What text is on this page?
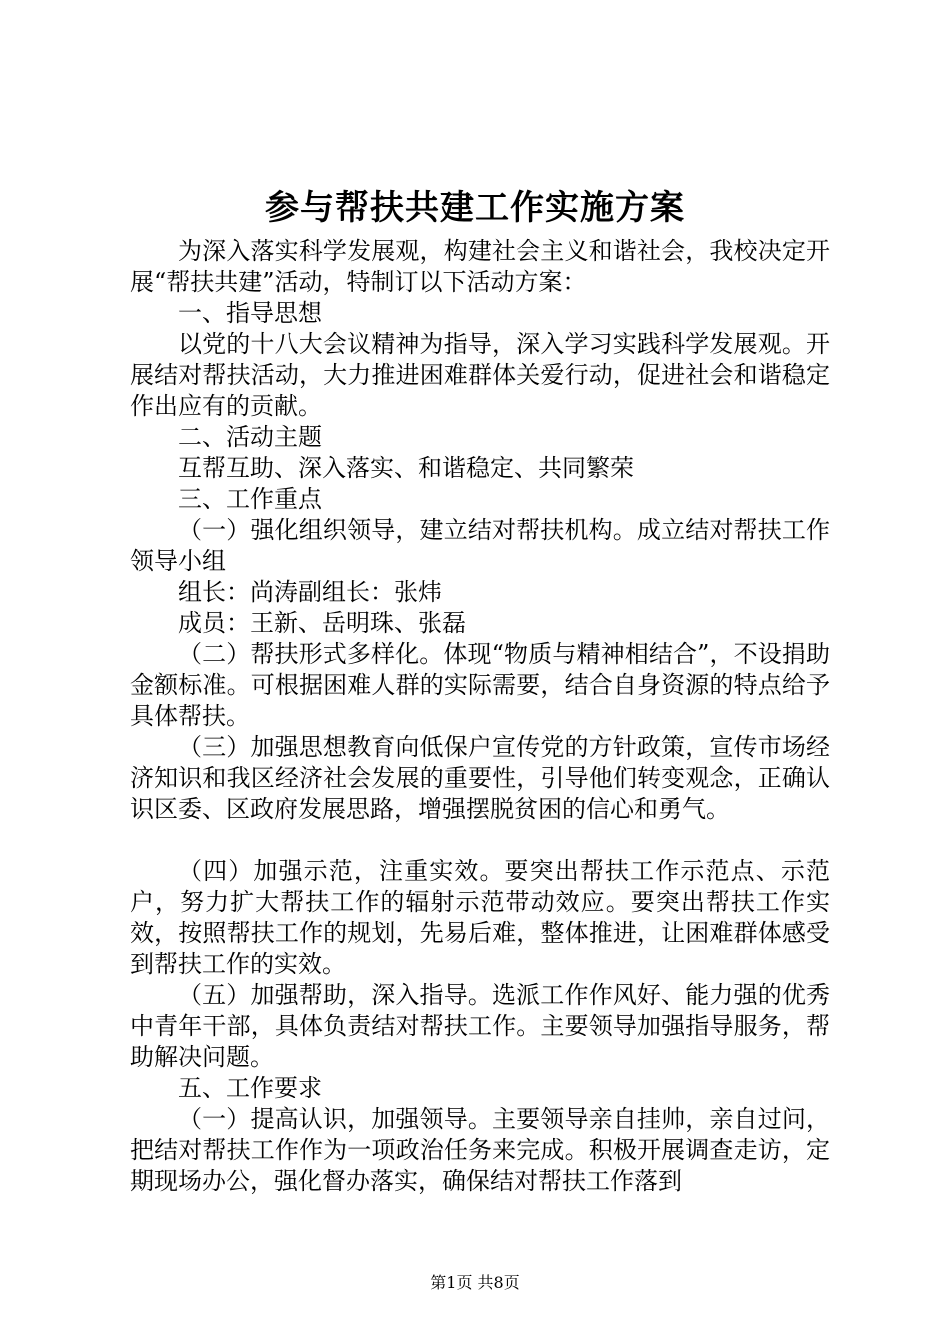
参与帮扶共建工作实施方案

为深入落实科学发展观，构建社会主义和谐社会，我校决定开展“帮扶共建”活动，特制订以下活动方案：

一、指导思想

以党的十八大会议精神为指导，深入学习实践科学发展观。开展结对帮扶活动，大力推进困难群体关爱行动，促进社会和谐稳定作出应有的贡献。

二、活动主题

互帮互助、深入落实、和谐稳定、共同繁荣

三、工作重点

（一）强化组织领导，建立结对帮扶机构。成立结对帮扶工作领导小组

组长：尚涛副组长：张炜

成员：王新、岳明珠、张磊

（二）帮扶形式多样化。体现“物质与精神相结合”，不设捐助金额标准。可根据困难人群的实际需要，结合自身资源的特点给予具体帮扶。

（三）加强思想教育向低保户宣传党的方针政策，宣传市场经济知识和我区经济社会发展的重要性，引导他们转变观念，正确认识区委、区政府发展思路，增强摆脱贫困的信心和勇气。

（四）加强示范，注重实效。要突出帮扶工作示范点、示范户，努力扩大帮扶工作的辐射示范带动效应。要突出帮扶工作实效，按照帮扶工作的规划，先易后难，整体推进，让困难群体感受到帮扶工作的实效。

（五）加强帮助，深入指导。选派工作作风好、能力强的优秀中青年干部，具体负责结对帮扶工作。主要领导加强指导服务，帮助解决问题。

五、工作要求

（一）提高认识，加强领导。主要领导亲自挂帅，亲自过问，把结对帮扶工作作为一项政治任务来完成。积极开展调查走访，定期现场办公，强化督办落实，确保结对帮扶工作落到

第1页 共8页
